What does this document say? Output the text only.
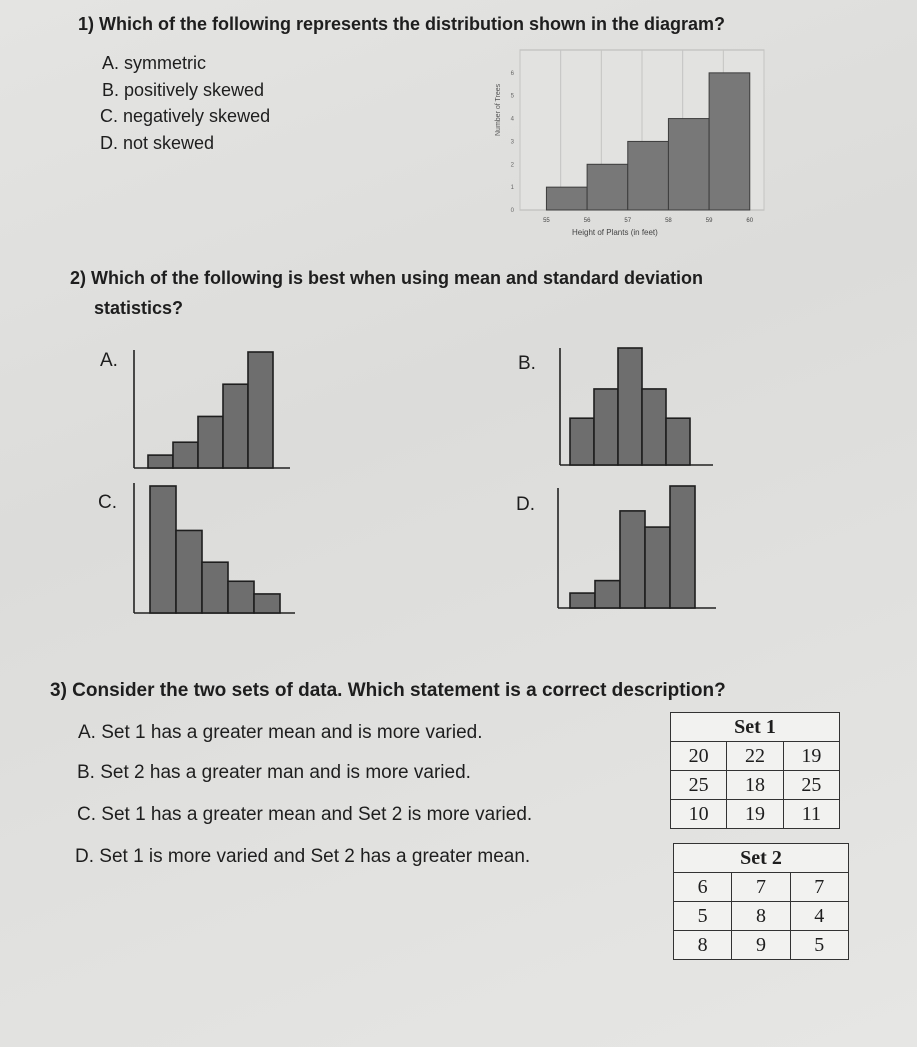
1) Which of the following represents the distribution shown in the diagram?
A. symmetric
B. positively skewed
C. negatively skewed
D. not skewed
0
1
2
3
4
5
6
55	56	57	58	59	60
Number of Trees
Height of Plants (in feet)
2) Which of the following is best when using mean and standard deviation
statistics?
A.	B.
C.	D.
3) Consider the two sets of data. Which statement is a correct description?
A. Set 1 has a greater mean and is more varied.
B. Set 2 has a greater man and is more varied.
C. Set 1 has a greater mean and Set 2 is more varied.
D. Set 1 is more varied and Set 2 has a greater mean.
Set 1		
20	22	19
25	18	25
10	19	11
Set 2		
6	7	7
5	8	4
8	9	5
